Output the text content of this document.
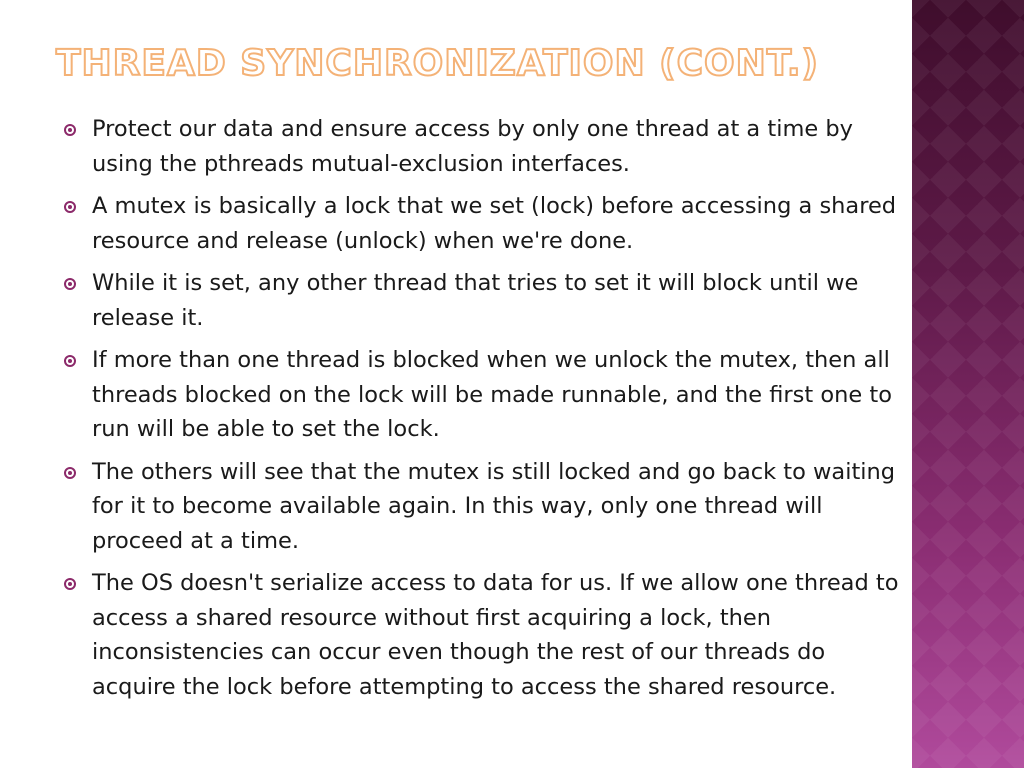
THREAD SYNCHRONIZATION (CONT.)
Protect our data and ensure access by only one thread at a time by using the pthreads mutual-exclusion interfaces.
A mutex is basically a lock that we set (lock) before accessing a shared resource and release (unlock) when we're done.
While it is set, any other thread that tries to set it will block until we release it.
If more than one thread is blocked when we unlock the mutex, then all threads blocked on the lock will be made runnable, and the first one to run will be able to set the lock.
The others will see that the mutex is still locked and go back to waiting for it to become available again. In this way, only one thread will proceed at a time.
The OS doesn't serialize access to data for us. If we allow one thread to access a shared resource without first acquiring a lock, then inconsistencies can occur even though the rest of our threads do acquire the lock before attempting to access the shared resource.
